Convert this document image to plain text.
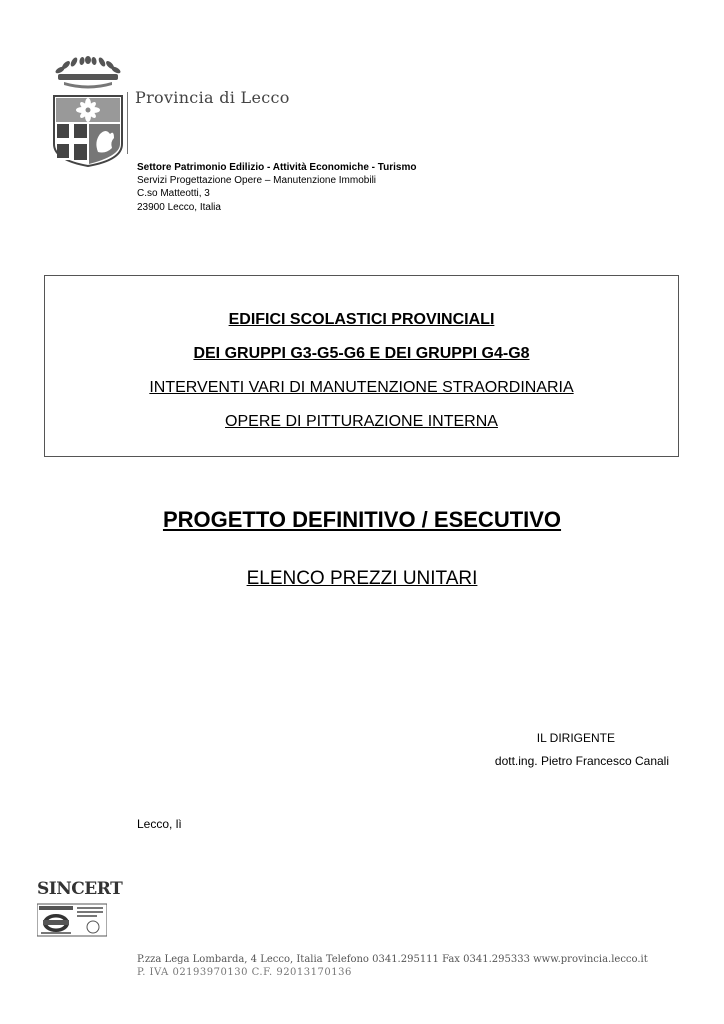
Provincia di Lecco
Settore Patrimonio Edilizio - Attività Economiche - Turismo
Servizi Progettazione Opere – Manutenzione Immobili
C.so Matteotti, 3
23900 Lecco, Italia
EDIFICI SCOLASTICI PROVINCIALI
DEI GRUPPI G3-G5-G6 E DEI GRUPPI G4-G8
INTERVENTI VARI DI MANUTENZIONE STRAORDINARIA
OPERE DI PITTURAZIONE INTERNA
PROGETTO DEFINITIVO / ESECUTIVO
ELENCO PREZZI UNITARI
IL DIRIGENTE
dott.ing. Pietro Francesco Canali
Lecco, lì
SINCERT
P.zza Lega Lombarda, 4 Lecco, Italia Telefono 0341.295111 Fax 0341.295333 www.provincia.lecco.it
P. IVA 02193970130 C.F. 92013170136
